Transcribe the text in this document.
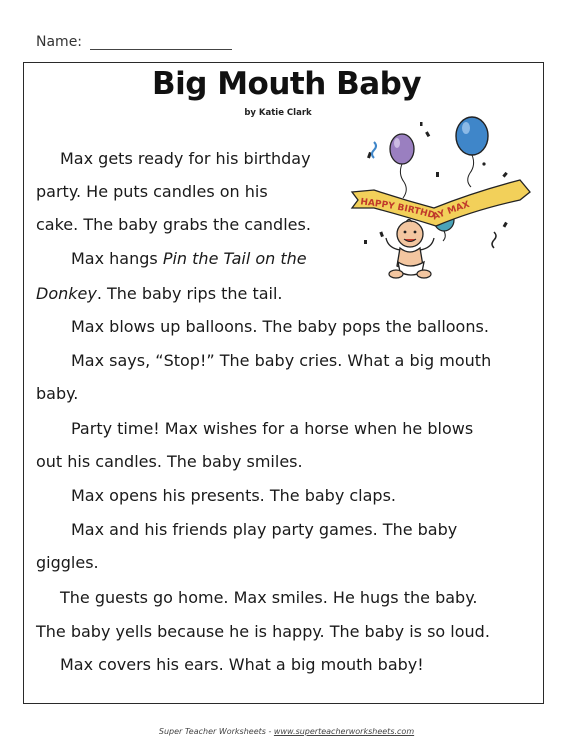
Name:
Big Mouth Baby
by Katie Clark
HAPPY BIRTHDAY MAX
Max gets ready for his birthday
party. He puts candles on his
cake. The baby grabs the candles.
Max hangs Pin the Tail on the
Donkey. The baby rips the tail.
Max blows up balloons. The baby pops the balloons.
Max says, “Stop!” The baby cries. What a big mouth
baby.
Party time! Max wishes for a horse when he blows
out his candles. The baby smiles.
Max opens his presents. The baby claps.
Max and his friends play party games. The baby
giggles.
The guests go home. Max smiles. He hugs the baby.
The baby yells because he is happy. The baby is so loud.
Max covers his ears. What a big mouth baby!
Super Teacher Worksheets - www.superteacherworksheets.com
